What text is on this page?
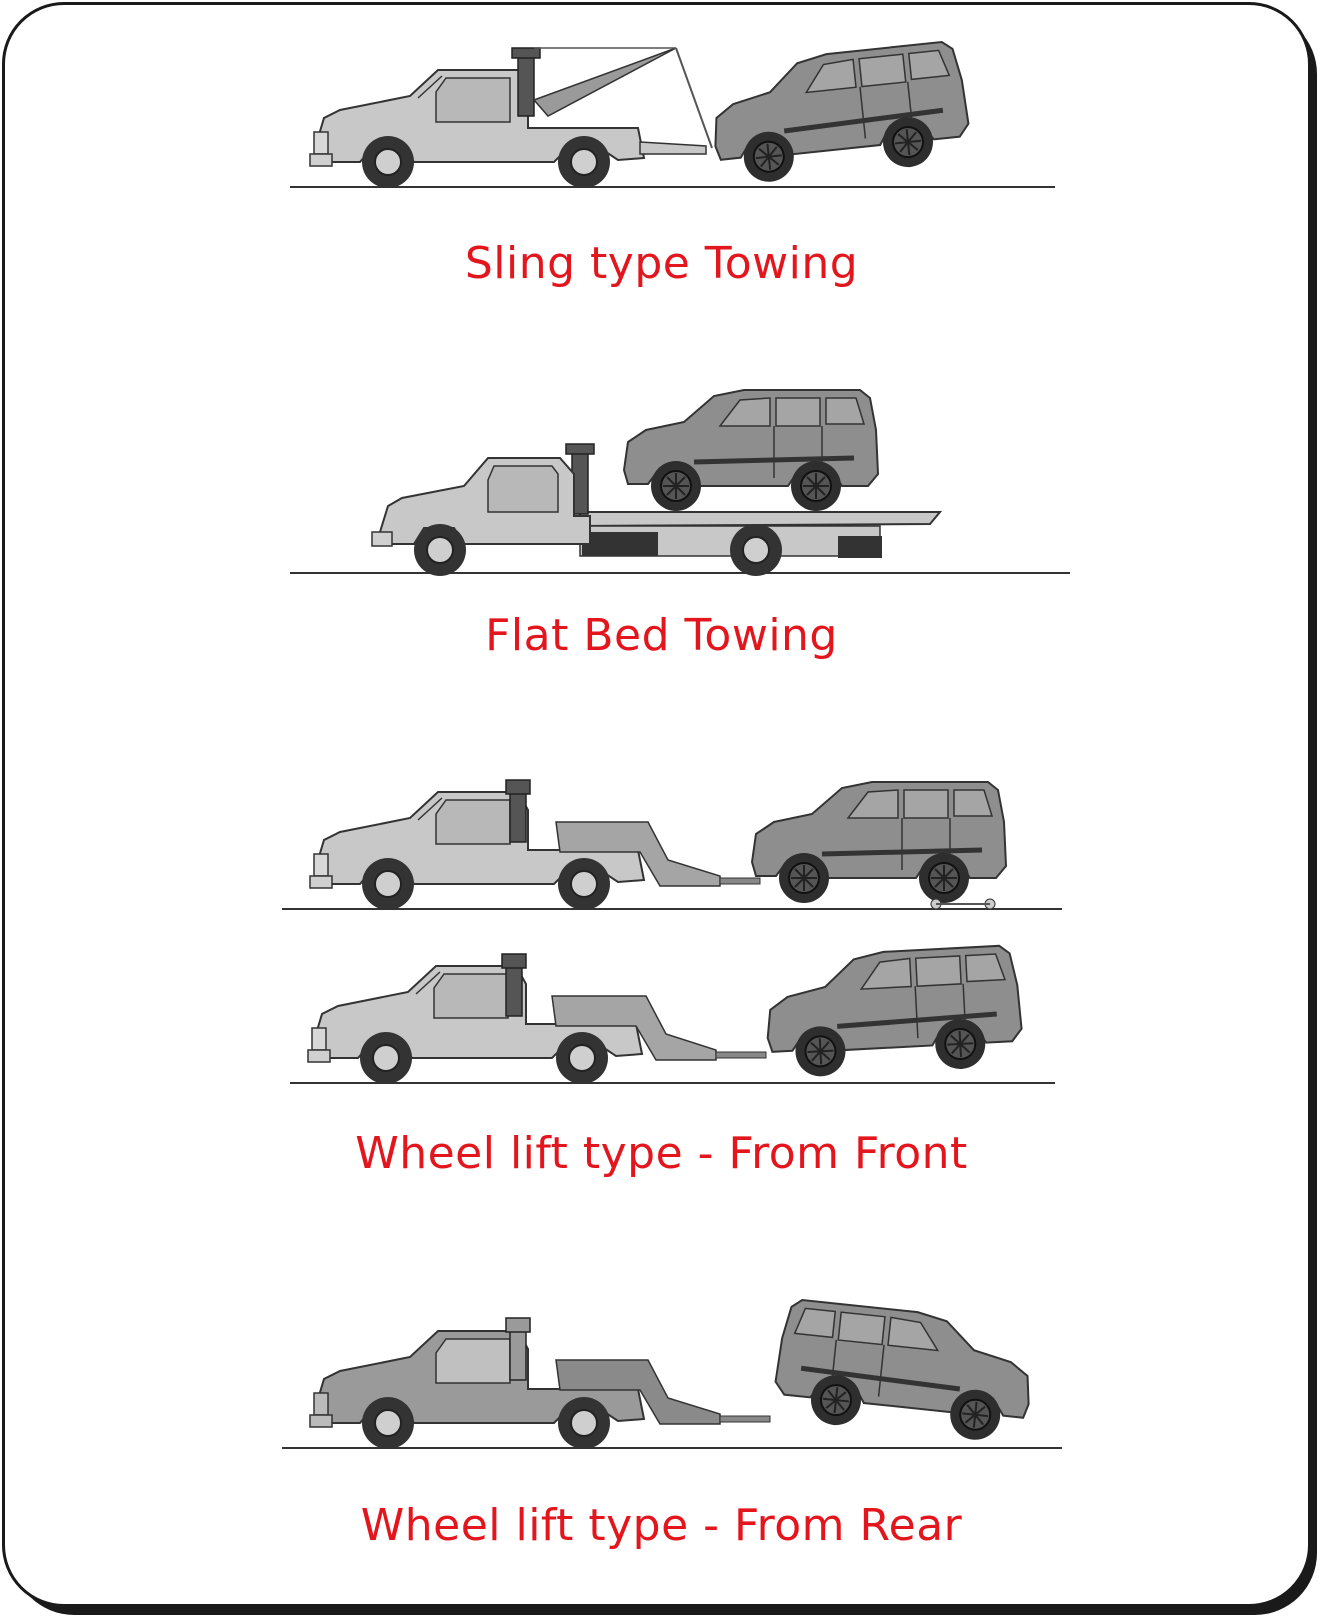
Sling type Towing
Flat Bed Towing
Wheel lift type - From Front
Wheel lift type - From Rear
